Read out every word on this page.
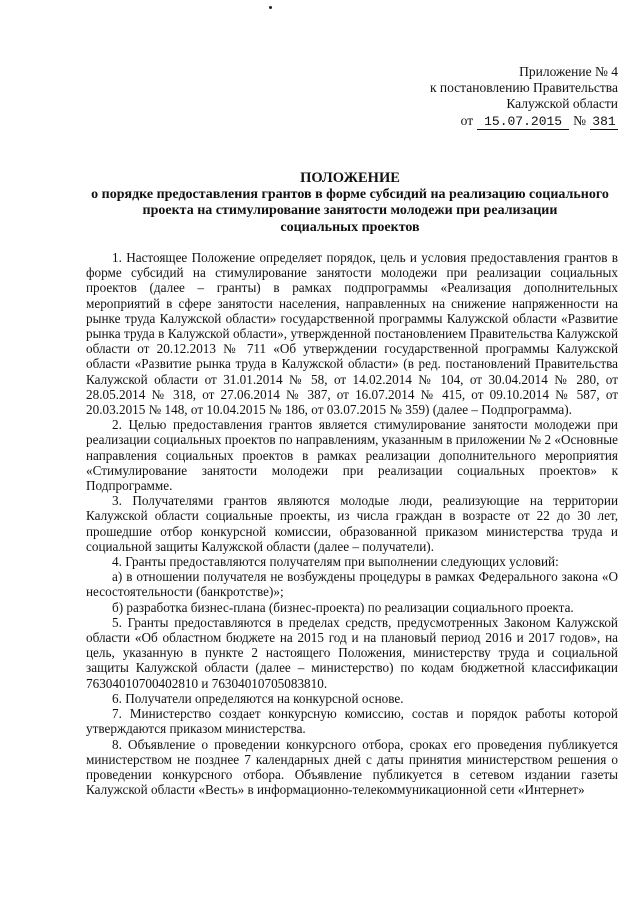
Приложение № 4
к постановлению Правительства
Калужской области
от 15.07.2015 № 381
ПОЛОЖЕНИЕ
о порядке предоставления грантов в форме субсидий на реализацию социального
проекта на стимулирование занятости молодежи при реализации
социальных проектов

1. Настоящее Положение определяет порядок, цель и условия предоставления грантов в форме субсидий на стимулирование занятости молодежи при реализации социальных проектов (далее – гранты) в рамках подпрограммы «Реализация дополнительных мероприятий в сфере занятости населения, направленных на снижение напряженности на рынке труда Калужской области» государственной программы Калужской области «Развитие рынка труда в Калужской области», утвержденной постановлением Правительства Калужской области от 20.12.2013 № 711 «Об утверждении государственной программы Калужской области «Развитие рынка труда в Калужской области» (в ред. постановлений Правительства Калужской области от 31.01.2014 № 58, от 14.02.2014 № 104, от 30.04.2014 № 280, от 28.05.2014 № 318, от 27.06.2014 № 387, от 16.07.2014 № 415, от 09.10.2014 № 587, от 20.03.2015 № 148, от 10.04.2015 № 186, от 03.07.2015 № 359) (далее – Подпрограмма).

2. Целью предоставления грантов является стимулирование занятости молодежи при реализации социальных проектов по направлениям, указанным в приложении № 2 «Основные направления социальных проектов в рамках реализации дополнительного мероприятия «Стимулирование занятости молодежи при реализации социальных проектов» к Подпрограмме.

3. Получателями грантов являются молодые люди, реализующие на территории Калужской области социальные проекты, из числа граждан в возрасте от 22 до 30 лет, прошедшие отбор конкурсной комиссии, образованной приказом министерства труда и социальной защиты Калужской области (далее – получатели).

4. Гранты предоставляются получателям при выполнении следующих условий:

а) в отношении получателя не возбуждены процедуры в рамках Федерального закона «О несостоятельности (банкротстве)»;

б) разработка бизнес-плана (бизнес-проекта) по реализации социального проекта.

5. Гранты предоставляются в пределах средств, предусмотренных Законом Калужской области «Об областном бюджете на 2015 год и на плановый период 2016 и 2017 годов», на цель, указанную в пункте 2 настоящего Положения, министерству труда и социальной защиты Калужской области (далее – министерство) по кодам бюджетной классификации 76304010700402810 и 76304010705083810.

6. Получатели определяются на конкурсной основе.

7. Министерство создает конкурсную комиссию, состав и порядок работы которой утверждаются приказом министерства.

8. Объявление о проведении конкурсного отбора, сроках его проведения публикуется министерством не позднее 7 календарных дней с даты принятия министерством решения о проведении конкурсного отбора. Объявление публикуется в сетевом издании газеты Калужской области «Весть» в информационно-телекоммуникационной сети «Интернет»
